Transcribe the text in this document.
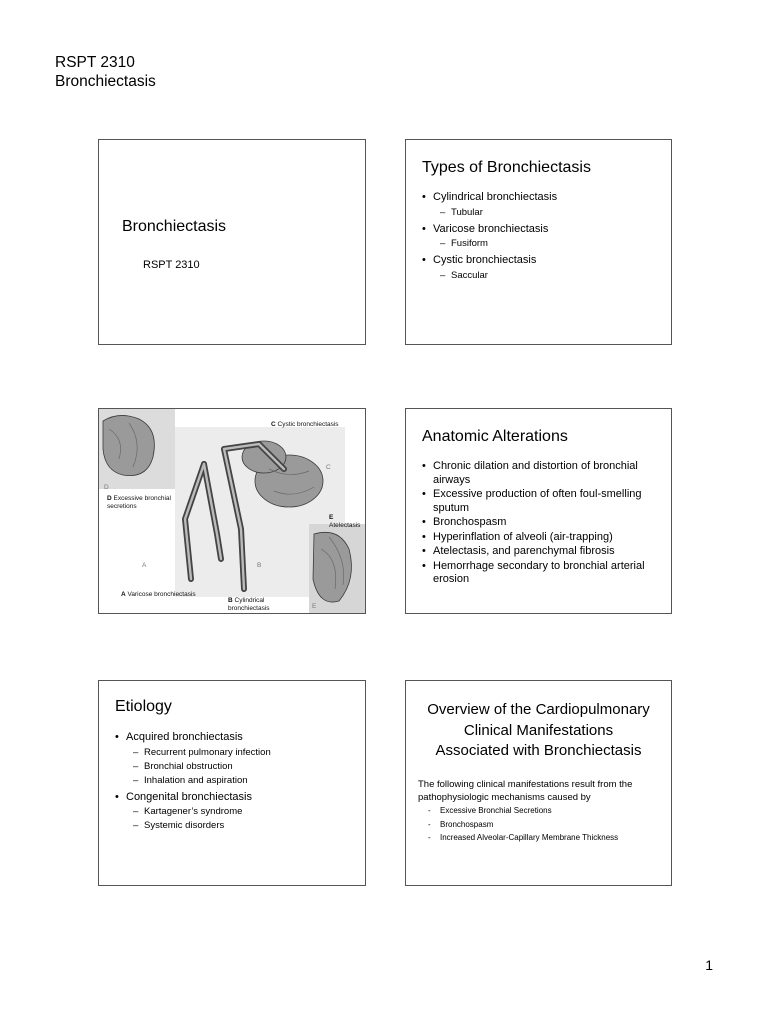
RSPT 2310
Bronchiectasis
Bronchiectasis
RSPT 2310
Types of Bronchiectasis
• Cylindrical bronchiectasis
– Tubular
• Varicose bronchiectasis
– Fusiform
• Cystic bronchiectasis
– Saccular
C Cystic bronchiectasis
D
D Excessive bronchial secretions
C
E
Atelectasis
A	B
A Varicose bronchiectasis
B Cylindrical bronchiectasis	E
Anatomic Alterations
• Chronic dilation and distortion of bronchial airways
• Excessive production of often foul-smelling sputum
• Bronchospasm
• Hyperinflation of alveoli (air-trapping)
• Atelectasis, and parenchymal fibrosis
• Hemorrhage secondary to bronchial arterial erosion
Etiology
• Acquired bronchiectasis
– Recurrent pulmonary infection
– Bronchial obstruction
– Inhalation and aspiration
• Congenital bronchiectasis
– Kartagener’s syndrome
– Systemic disorders
Overview of the Cardiopulmonary
Clinical Manifestations
Associated with Bronchiectasis
The following clinical manifestations result from the pathophysiologic mechanisms caused by
- Excessive Bronchial Secretions
- Bronchospasm
- Increased Alveolar-Capillary Membrane Thickness
1
